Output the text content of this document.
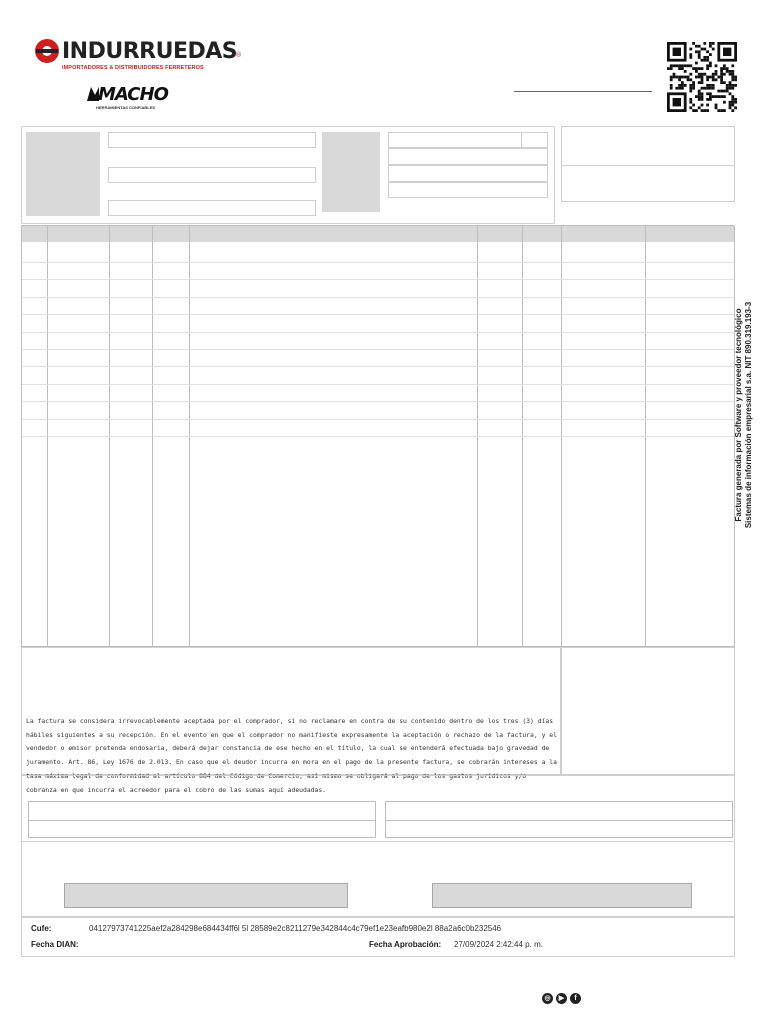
INDURRUEDAS
®
IMPORTADORES & DISTRIBUIDORES FERRETEROS
MACHO
HERRAMIENTAS CONFIABLES
La factura se considera irrevocablemente aceptada por el comprador, si no reclamare en contra de su contenido dentro de los tres (3) días hábiles siguientes a su recepción. En el evento en que el comprador no manifieste expresamente la aceptación o rechazo de la factura, y el vendedor o emisor pretenda endosaria, deberá dejar constancia de ese hecho en el título, la cual se entenderá efectuada bajo gravedad de juramento. Art. 86, Ley 1676 de 2.013. En caso que el deudor incurra en mora en el pago de la presente factura, se cobrarán intereses a la tasa máxima legal de conformidad al artículo 884 del Código de Comercio, así mismo se obligará al pago de los gastos jurídicos y/o cobranza en que incurra el acreedor para el cobro de las sumas aquí adeudadas.
Cufe:	04127973741225aef2a284298e684434ff6l 5l 28589e2c8211279e342844c4c79ef1e23eafb980e2l 88a2a6c0b232546
Fecha DIAN:	Fecha Aprobación: 27/09/2024 2:42:44 p. m.
Factura generada por Software y proveedor tecnológico Sistemas de información empresarial s.a. NIT 890.319.193-3
◎	▶	f
